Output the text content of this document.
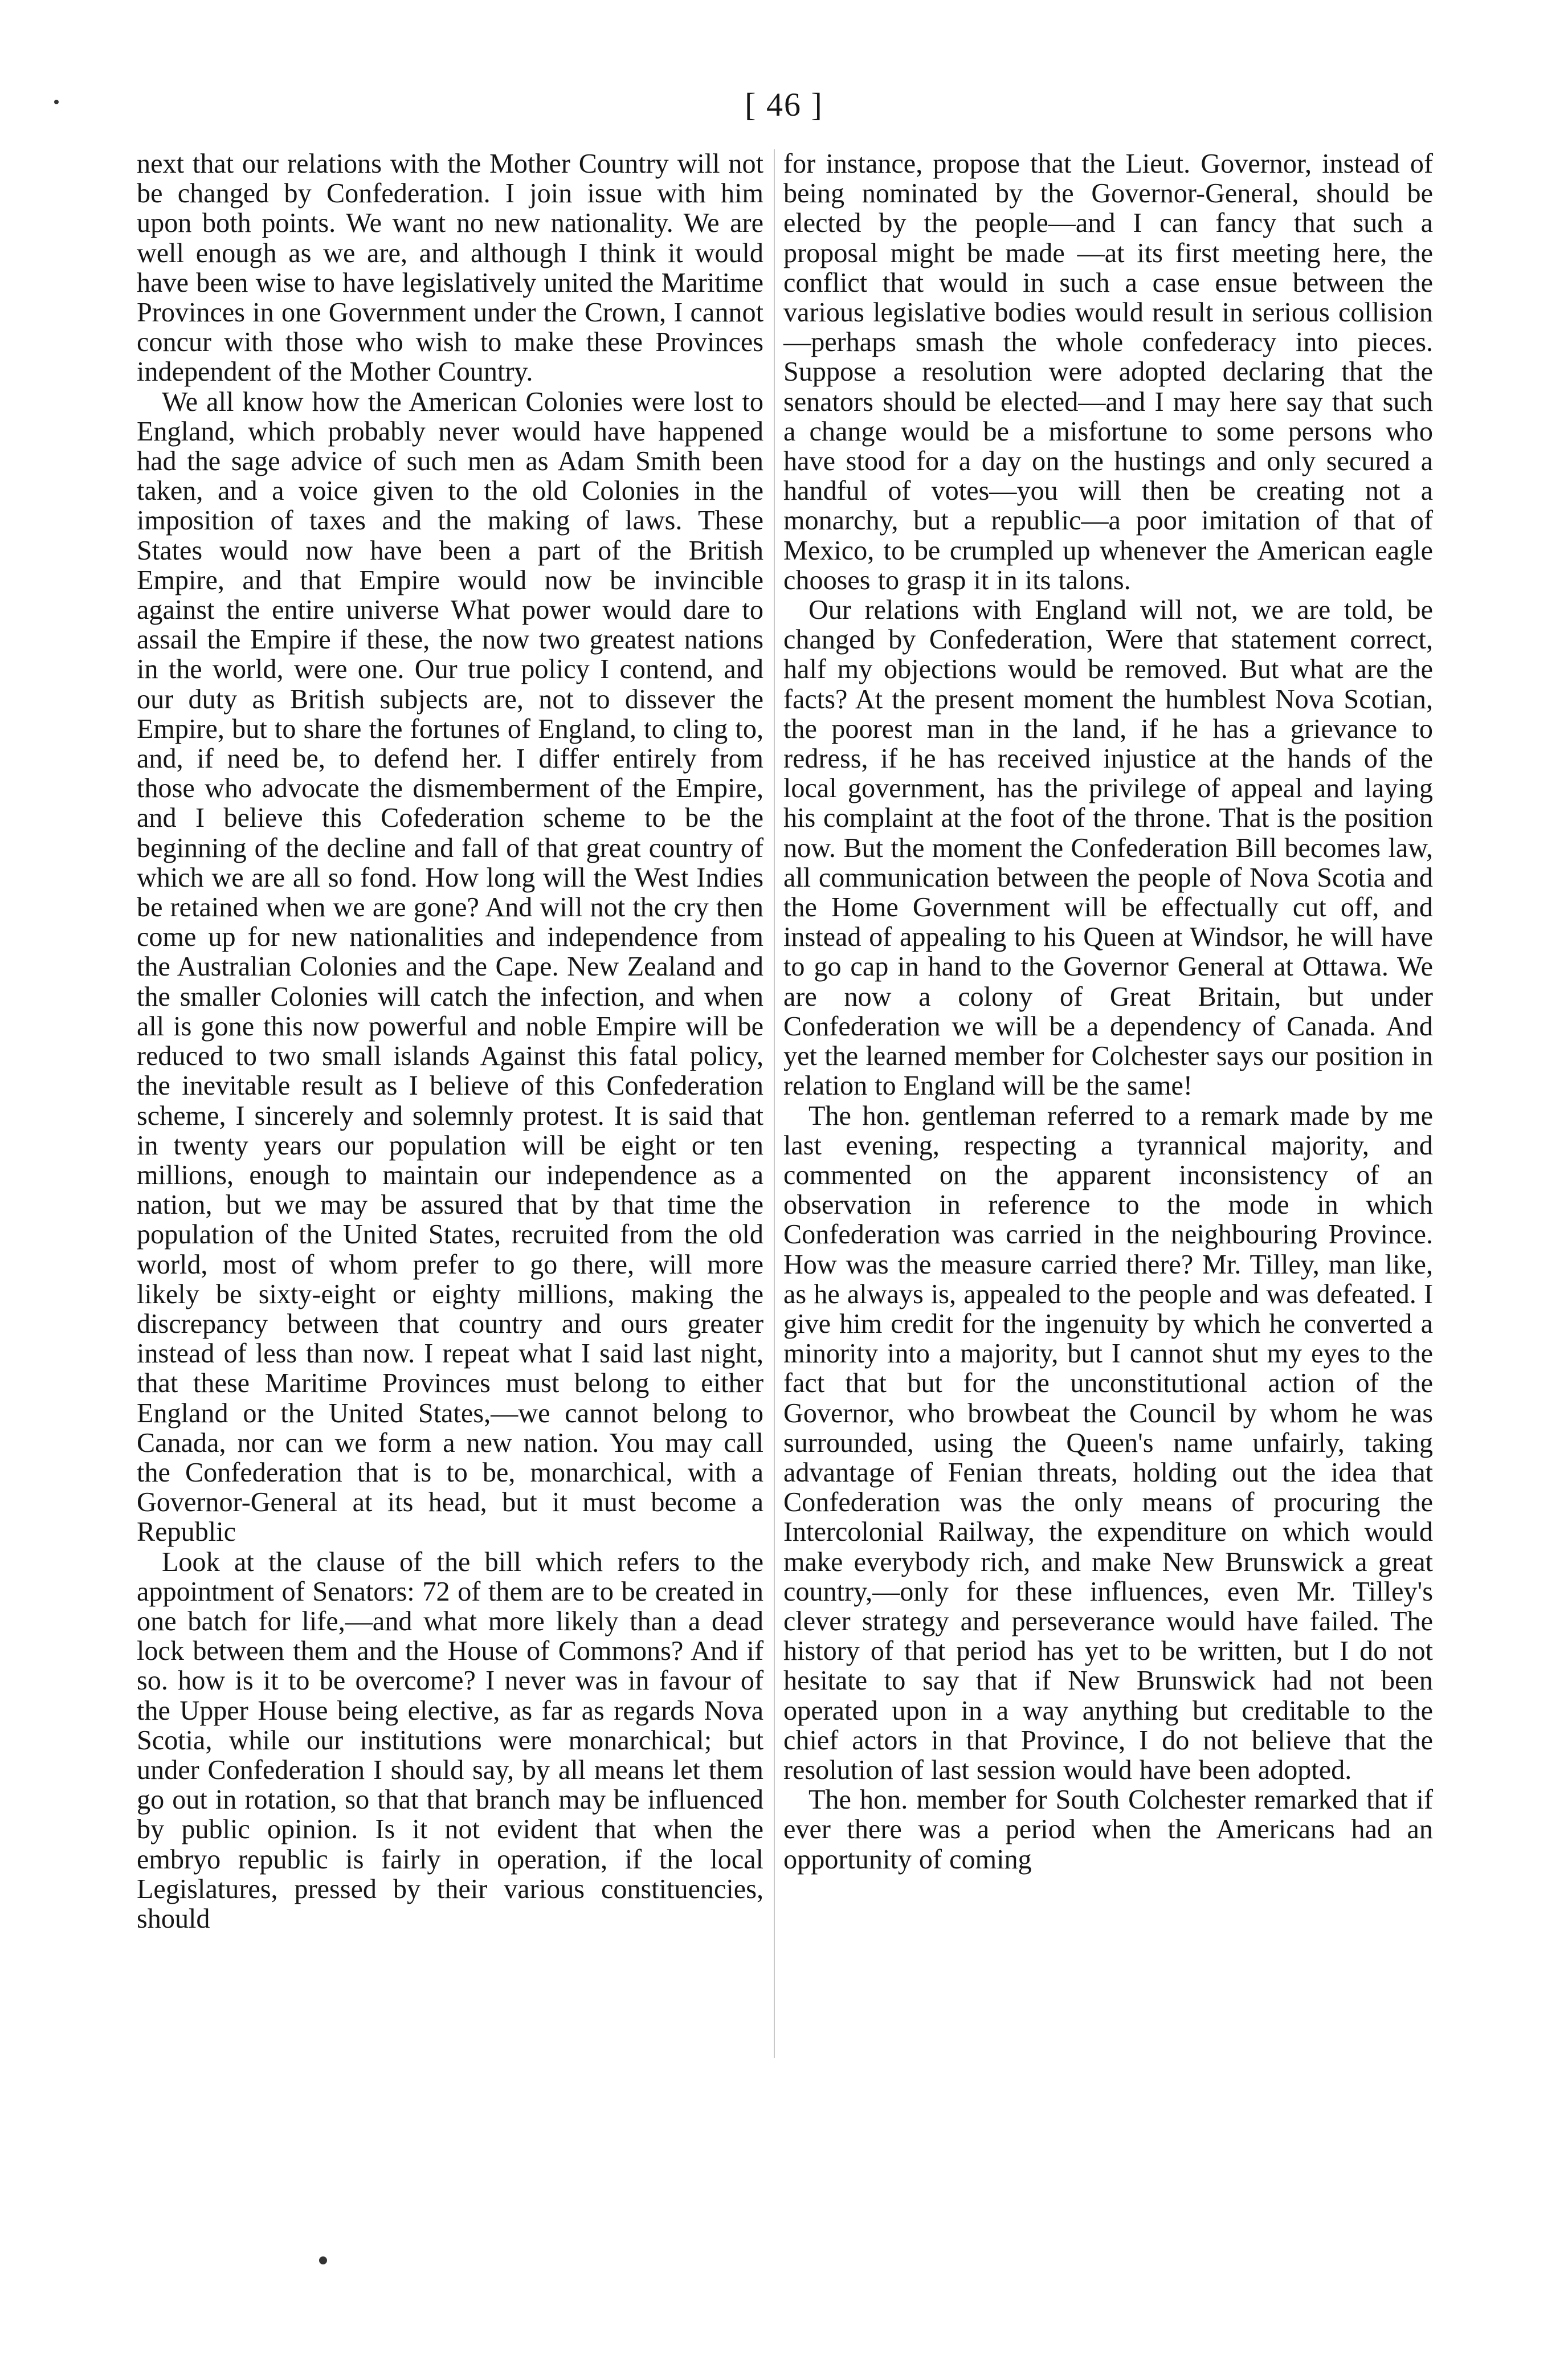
[ 46 ]

next that our relations with the Mother Country will not be changed by Confederation. I join issue with him upon both points. We want no new nationality. We are well enough as we are, and although I think it would have been wise to have legislatively united the Maritime Provinces in one Government under the Crown, I cannot concur with those who wish to make these Provinces independent of the Mother Country.

We all know how the American Colonies were lost to England, which probably never would have happened had the sage advice of such men as Adam Smith been taken, and a voice given to the old Colonies in the imposition of taxes and the making of laws. These States would now have been a part of the British Empire, and that Empire would now be invincible against the entire universe What power would dare to assail the Empire if these, the now two greatest nations in the world, were one. Our true policy I contend, and our duty as British subjects are, not to dissever the Empire, but to share the fortunes of England, to cling to, and, if need be, to defend her. I differ entirely from those who advocate the dismemberment of the Empire, and I believe this Cofederation scheme to be the beginning of the decline and fall of that great country of which we are all so fond. How long will the West Indies be retained when we are gone? And will not the cry then come up for new nationalities and independence from the Australian Colonies and the Cape. New Zealand and the smaller Colonies will catch the infection, and when all is gone this now powerful and noble Empire will be reduced to two small islands Against this fatal policy, the inevitable result as I believe of this Confederation scheme, I sincerely and solemnly protest. It is said that in twenty years our population will be eight or ten millions, enough to maintain our independence as a nation, but we may be assured that by that time the population of the United States, recruited from the old world, most of whom prefer to go there, will more likely be sixty-eight or eighty millions, making the discrepancy between that country and ours greater instead of less than now. I repeat what I said last night, that these Maritime Provinces must belong to either England or the United States,—we cannot belong to Canada, nor can we form a new nation. You may call the Confederation that is to be, monarchical, with a Governor-General at its head, but it must become a Republic

Look at the clause of the bill which refers to the appointment of Senators: 72 of them are to be created in one batch for life,—and what more likely than a dead lock between them and the House of Commons? And if so. how is it to be overcome? I never was in favour of the Upper House being elective, as far as regards Nova Scotia, while our institutions were monarchical; but under Confederation I should say, by all means let them go out in rotation, so that that branch may be influenced by public opinion. Is it not evident that when the embryo republic is fairly in operation, if the local Legislatures, pressed by their various constituencies, should

for instance, propose that the Lieut. Governor, instead of being nominated by the Governor-General, should be elected by the people—and I can fancy that such a proposal might be made —at its first meeting here, the conflict that would in such a case ensue between the various legislative bodies would result in serious collision—perhaps smash the whole confederacy into pieces. Suppose a resolution were adopted declaring that the senators should be elected—and I may here say that such a change would be a misfortune to some persons who have stood for a day on the hustings and only secured a handful of votes—you will then be creating not a monarchy, but a republic—a poor imitation of that of Mexico, to be crumpled up whenever the American eagle chooses to grasp it in its talons.

Our relations with England will not, we are told, be changed by Confederation, Were that statement correct, half my objections would be removed. But what are the facts? At the present moment the humblest Nova Scotian, the poorest man in the land, if he has a grievance to redress, if he has received injustice at the hands of the local government, has the privilege of appeal and laying his complaint at the foot of the throne. That is the position now. But the moment the Confederation Bill becomes law, all communication between the people of Nova Scotia and the Home Government will be effectually cut off, and instead of appealing to his Queen at Windsor, he will have to go cap in hand to the Governor General at Ottawa. We are now a colony of Great Britain, but under Confederation we will be a dependency of Canada. And yet the learned member for Colchester says our position in relation to England will be the same!

The hon. gentleman referred to a remark made by me last evening, respecting a tyrannical majority, and commented on the apparent inconsistency of an observation in reference to the mode in which Confederation was carried in the neighbouring Province. How was the measure carried there? Mr. Tilley, man like, as he always is, appealed to the people and was defeated. I give him credit for the ingenuity by which he converted a minority into a majority, but I cannot shut my eyes to the fact that but for the unconstitutional action of the Governor, who browbeat the Council by whom he was surrounded, using the Queen's name unfairly, taking advantage of Fenian threats, holding out the idea that Confederation was the only means of procuring the Intercolonial Railway, the expenditure on which would make everybody rich, and make New Brunswick a great country,—only for these influences, even Mr. Tilley's clever strategy and perseverance would have failed. The history of that period has yet to be written, but I do not hesitate to say that if New Brunswick had not been operated upon in a way anything but creditable to the chief actors in that Province, I do not believe that the resolution of last session would have been adopted.

The hon. member for South Colchester remarked that if ever there was a period when the Americans had an opportunity of coming
